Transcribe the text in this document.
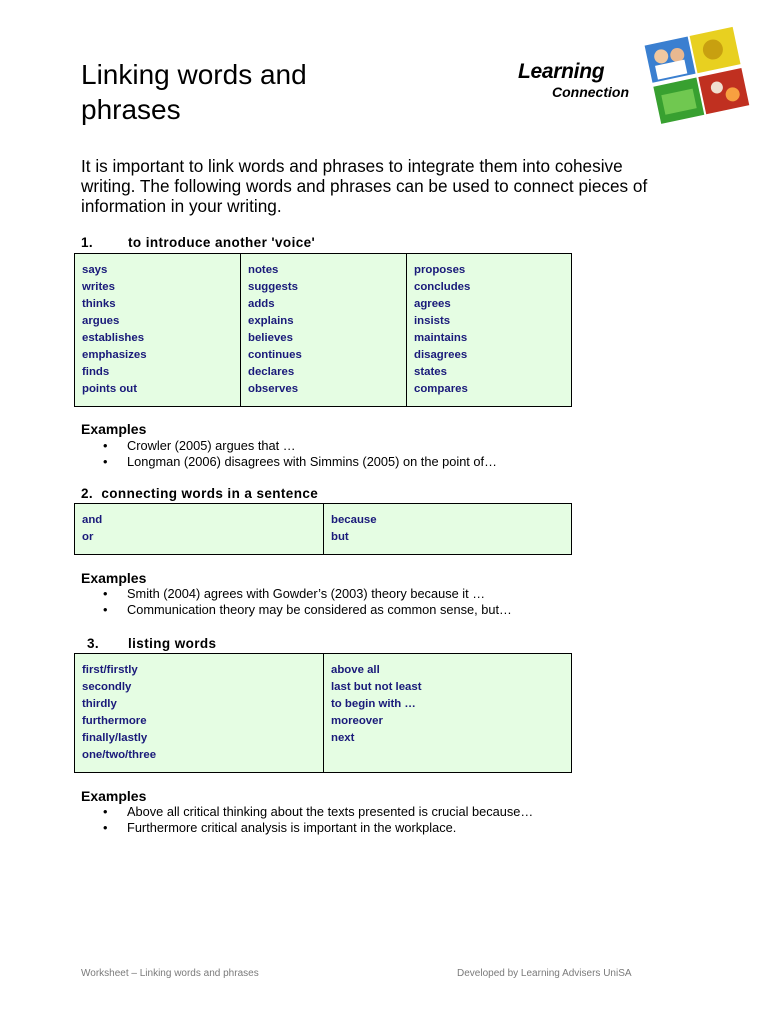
Linking words and phrases
Learning
Connection

It is important to link words and phrases to integrate them into cohesive writing. The following words and phrases can be used to connect pieces of information in your writing.

1.	to introduce another 'voice'

says
writes
thinks
argues
establishes
emphasizes
finds
points out

notes
suggests
adds
explains
believes
continues
declares
observes

proposes
concludes
agrees
insists
maintains
disagrees
states
compares

Examples

• Crowler (2005) argues that …
• Longman (2006) disagrees with Simmins (2005) on the point of…

2. connecting words in a sentence

and
or

because
but

Examples

• Smith (2004) agrees with Gowder’s (2003) theory because it …
• Communication theory may be considered as common sense, but…

3. listing words

first/firstly
secondly
thirdly
furthermore
finally/lastly
one/two/three

above all
last but not least
to begin with …
moreover
next

Examples

• Above all critical thinking about the texts presented is crucial because…
• Furthermore critical analysis is important in the workplace.
Worksheet – Linking words and phrases	Developed by Learning Advisers UniSA
